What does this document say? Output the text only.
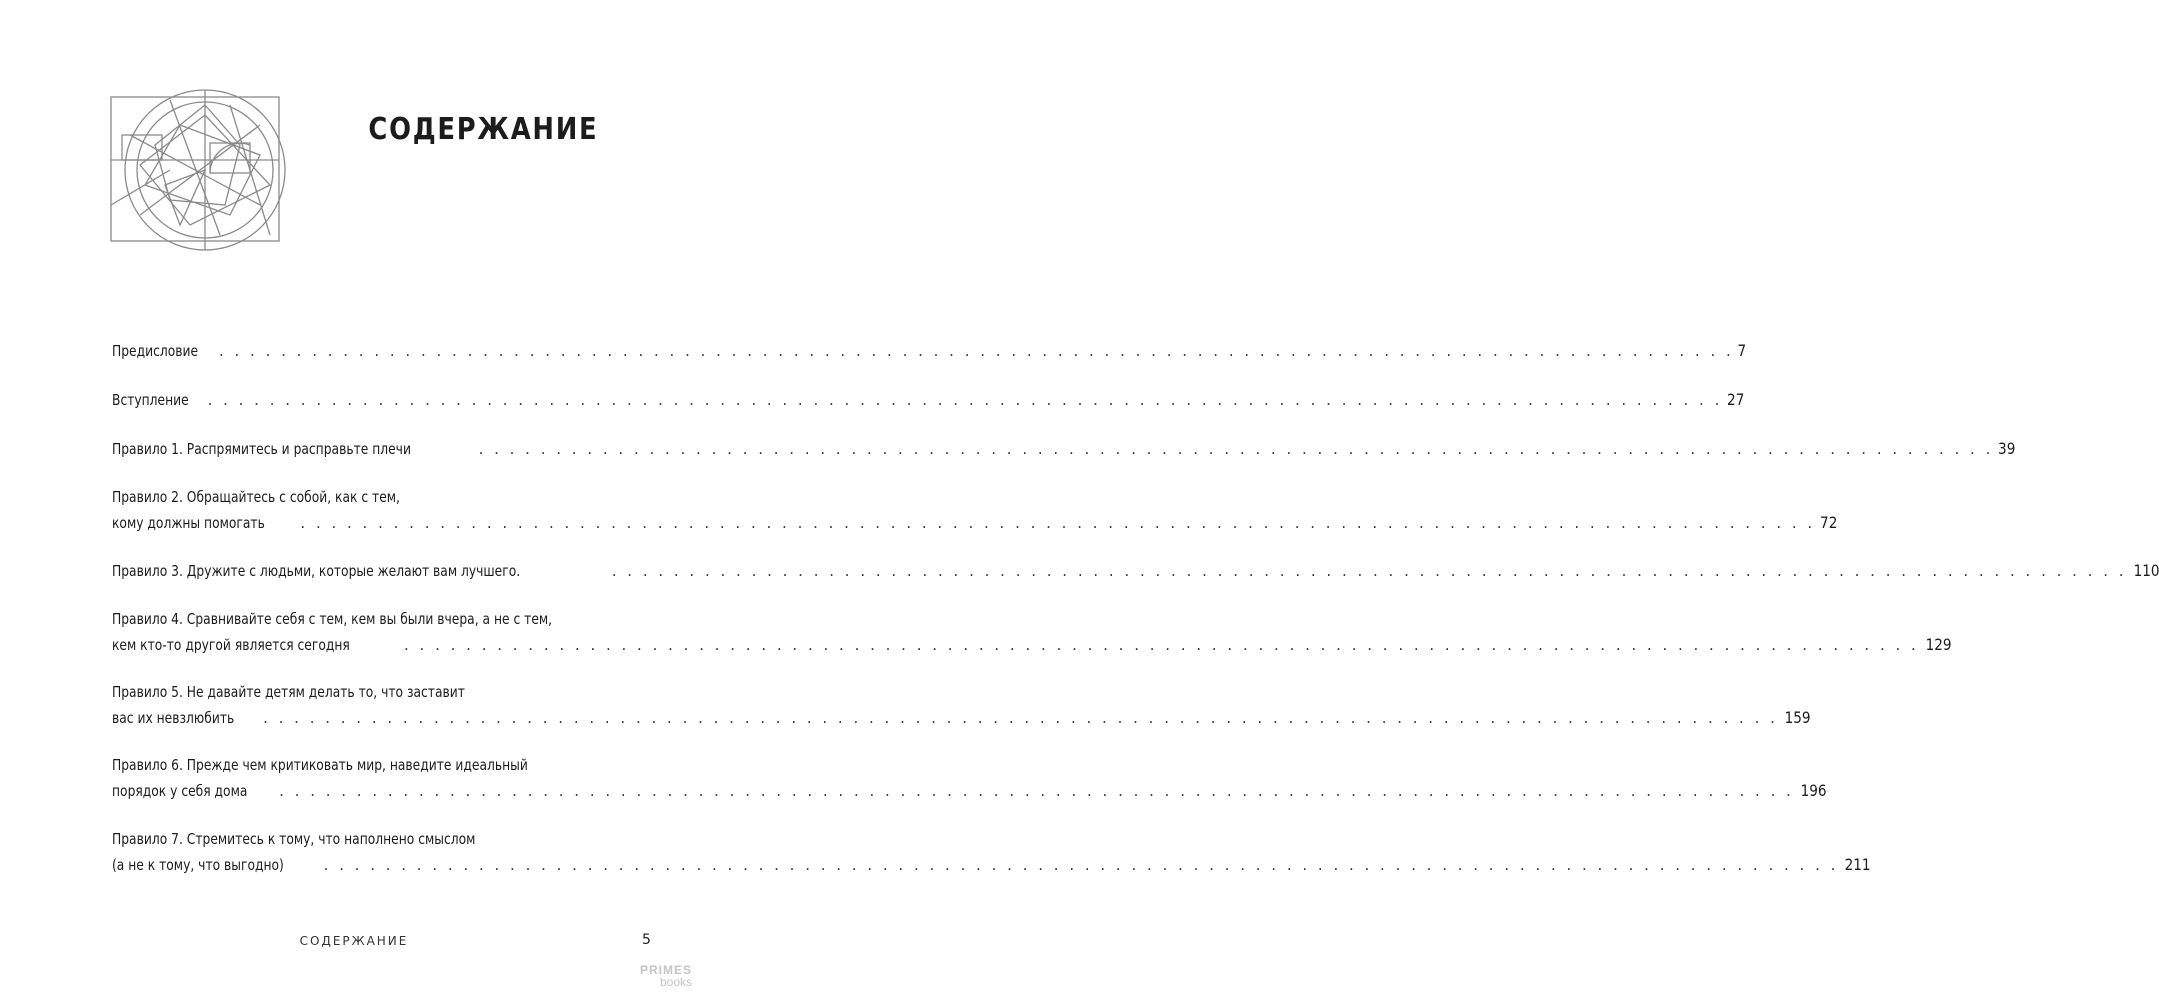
СОДЕРЖАНИЕ
Предисловие . . .	7
Вступление . . .	27
Правило 1. Распрямитесь и расправьте плечи . . .	39
Правило 2. Обращайтесь с собой, как с тем,
кому должны помогать . . .	72
Правило 3. Дружите с людьми, которые желают вам лучшего. . . .	110
Правило 4. Сравнивайте себя с тем, кем вы были вчера, а не с тем,
кем кто-то другой является сегодня . . .	129
Правило 5. Не давайте детям делать то, что заставит
вас их невзлюбить . . .	159
Правило 6. Прежде чем критиковать мир, наведите идеальный
порядок у себя дома . . .	196
Правило 7. Стремитесь к тому, что наполнено смыслом
(а не к тому, что выгодно) . . .	211
СОДЕРЖАНИЕ	5
PRIMES
books
